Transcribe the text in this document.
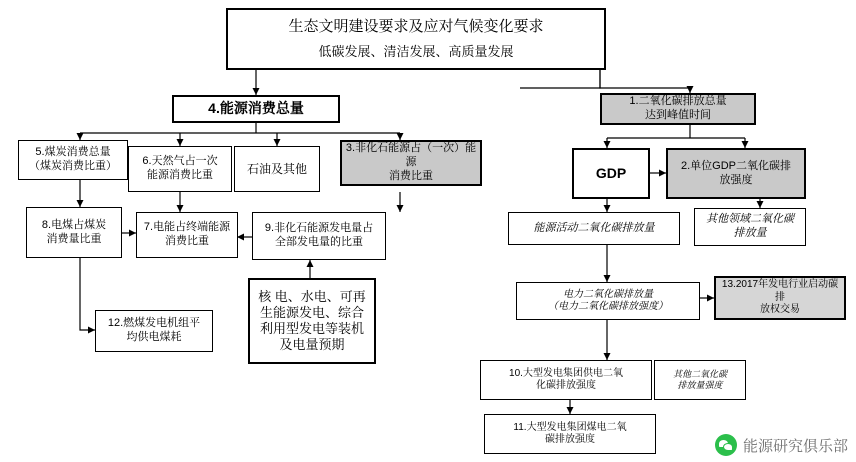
生态文明建设要求及应对气候变化要求
低碳发展、清洁发展、高质量发展
4.能源消费总量
5.煤炭消费总量
（煤炭消费比重）	6.天然气占一次
能源消费比重	石油及其他
3.非化石能源占（一次）能源
消费比重
8.电煤占煤炭
消费量比重
7.电能占终端能源
消费比重
9.非化石能源发电量占
全部发电量的比重
12.燃煤发电机组平
均供电煤耗
核 电、水电、可再
生能源发电、综合
利用型发电等装机
及电量预期
1.二氧化碳排放总量
达到峰值时间
GDP	2.单位GDP二氧化碳排
放强度
能源活动二氧化碳排放量
其他领域二氧化碳
排放量
电力二氧化碳排放量
（电力二氧化碳排放强度）
13.2017年发电行业启动碳排
放权交易
10.大型发电集团供电二氧
化碳排放强度
其他二氧化碳
排放量强度
11.大型发电集团煤电二氧
碳排放强度	能源研究俱乐部
